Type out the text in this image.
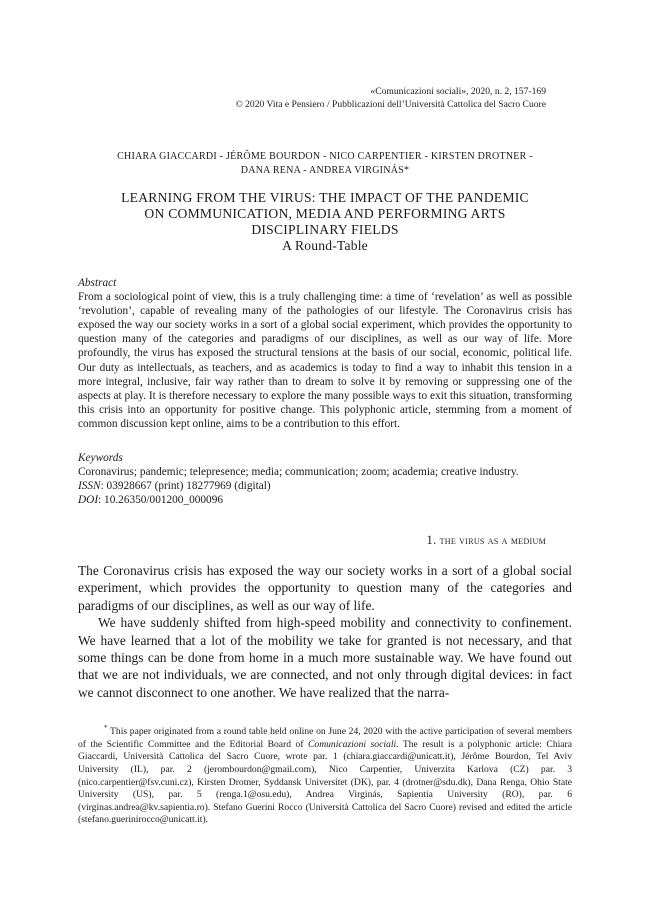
«Comunicazioni sociali», 2020, n. 2, 157-169
© 2020 Vita e Pensiero / Pubblicazioni dell’Università Cattolica del Sacro Cuore
CHIARA GIACCARDI - JÉRÔME BOURDON - NICO CARPENTIER - KIRSTEN DROTNER -
DANA RENA - ANDREA VIRGINÁS*
LEARNING FROM THE VIRUS: THE IMPACT OF THE PANDEMIC
ON COMMUNICATION, MEDIA AND PERFORMING ARTS
DISCIPLINARY FIELDS
A Round-Table
Abstract
From a sociological point of view, this is a truly challenging time: a time of ‘revelation’ as well as possible ‘revolution’, capable of revealing many of the pathologies of our lifestyle. The Coronavirus crisis has exposed the way our society works in a sort of a global social experiment, which provides the opportunity to question many of the categories and paradigms of our disciplines, as well as our way of life. More profoundly, the virus has exposed the structural tensions at the basis of our social, economic, political life. Our duty as intellectuals, as teachers, and as academics is today to find a way to inhabit this tension in a more integral, inclusive, fair way rather than to dream to solve it by removing or suppressing one of the aspects at play. It is therefore necessary to explore the many possible ways to exit this situation, transforming this crisis into an opportunity for positive change. This polyphonic article, stemming from a moment of common discussion kept online, aims to be a contribution to this effort.
Keywords
Coronavirus; pandemic; telepresence; media; communication; zoom; academia; creative industry.
ISSN: 03928667 (print) 18277969 (digital)
DOI: 10.26350/001200_000096
1. the virus as a medium

The Coronavirus crisis has exposed the way our society works in a sort of a global social experiment, which provides the opportunity to question many of the categories and paradigms of our disciplines, as well as our way of life.

We have suddenly shifted from high-speed mobility and connectivity to confinement. We have learned that a lot of the mobility we take for granted is not necessary, and that some things can be done from home in a much more sustainable way. We have found out that we are not individuals, we are connected, and not only through digital devices: in fact we cannot disconnect to one another. We have realized that the narra-

* This paper originated from a round table held online on June 24, 2020 with the active participation of several members of the Scientific Committee and the Editorial Board of Comunicazioni sociali. The result is a polyphonic article: Chiara Giaccardi, Università Cattolica del Sacro Cuore, wrote par. 1 (chiara.giaccardi@unicatt.it), Jérôme Bourdon, Tel Aviv University (IL), par. 2 (jerombourdon@gmail.com), Nico Carpentier, Univerzita Karlova (CZ) par. 3 (nico.carpentier@fsv.cuni.cz), Kirsten Drotner, Syddansk Universitet (DK), par. 4 (drotner@sdu.dk), Dana Renga, Ohio State University (US), par. 5 (renga.1@osu.edu), Andrea Virginás, Sapientia University (RO), par. 6 (virginas.andrea@kv.sapientia.ro). Stefano Guerini Rocco (Università Cattolica del Sacro Cuore) revised and edited the article (stefano.guerinirocco@unicatt.it).
